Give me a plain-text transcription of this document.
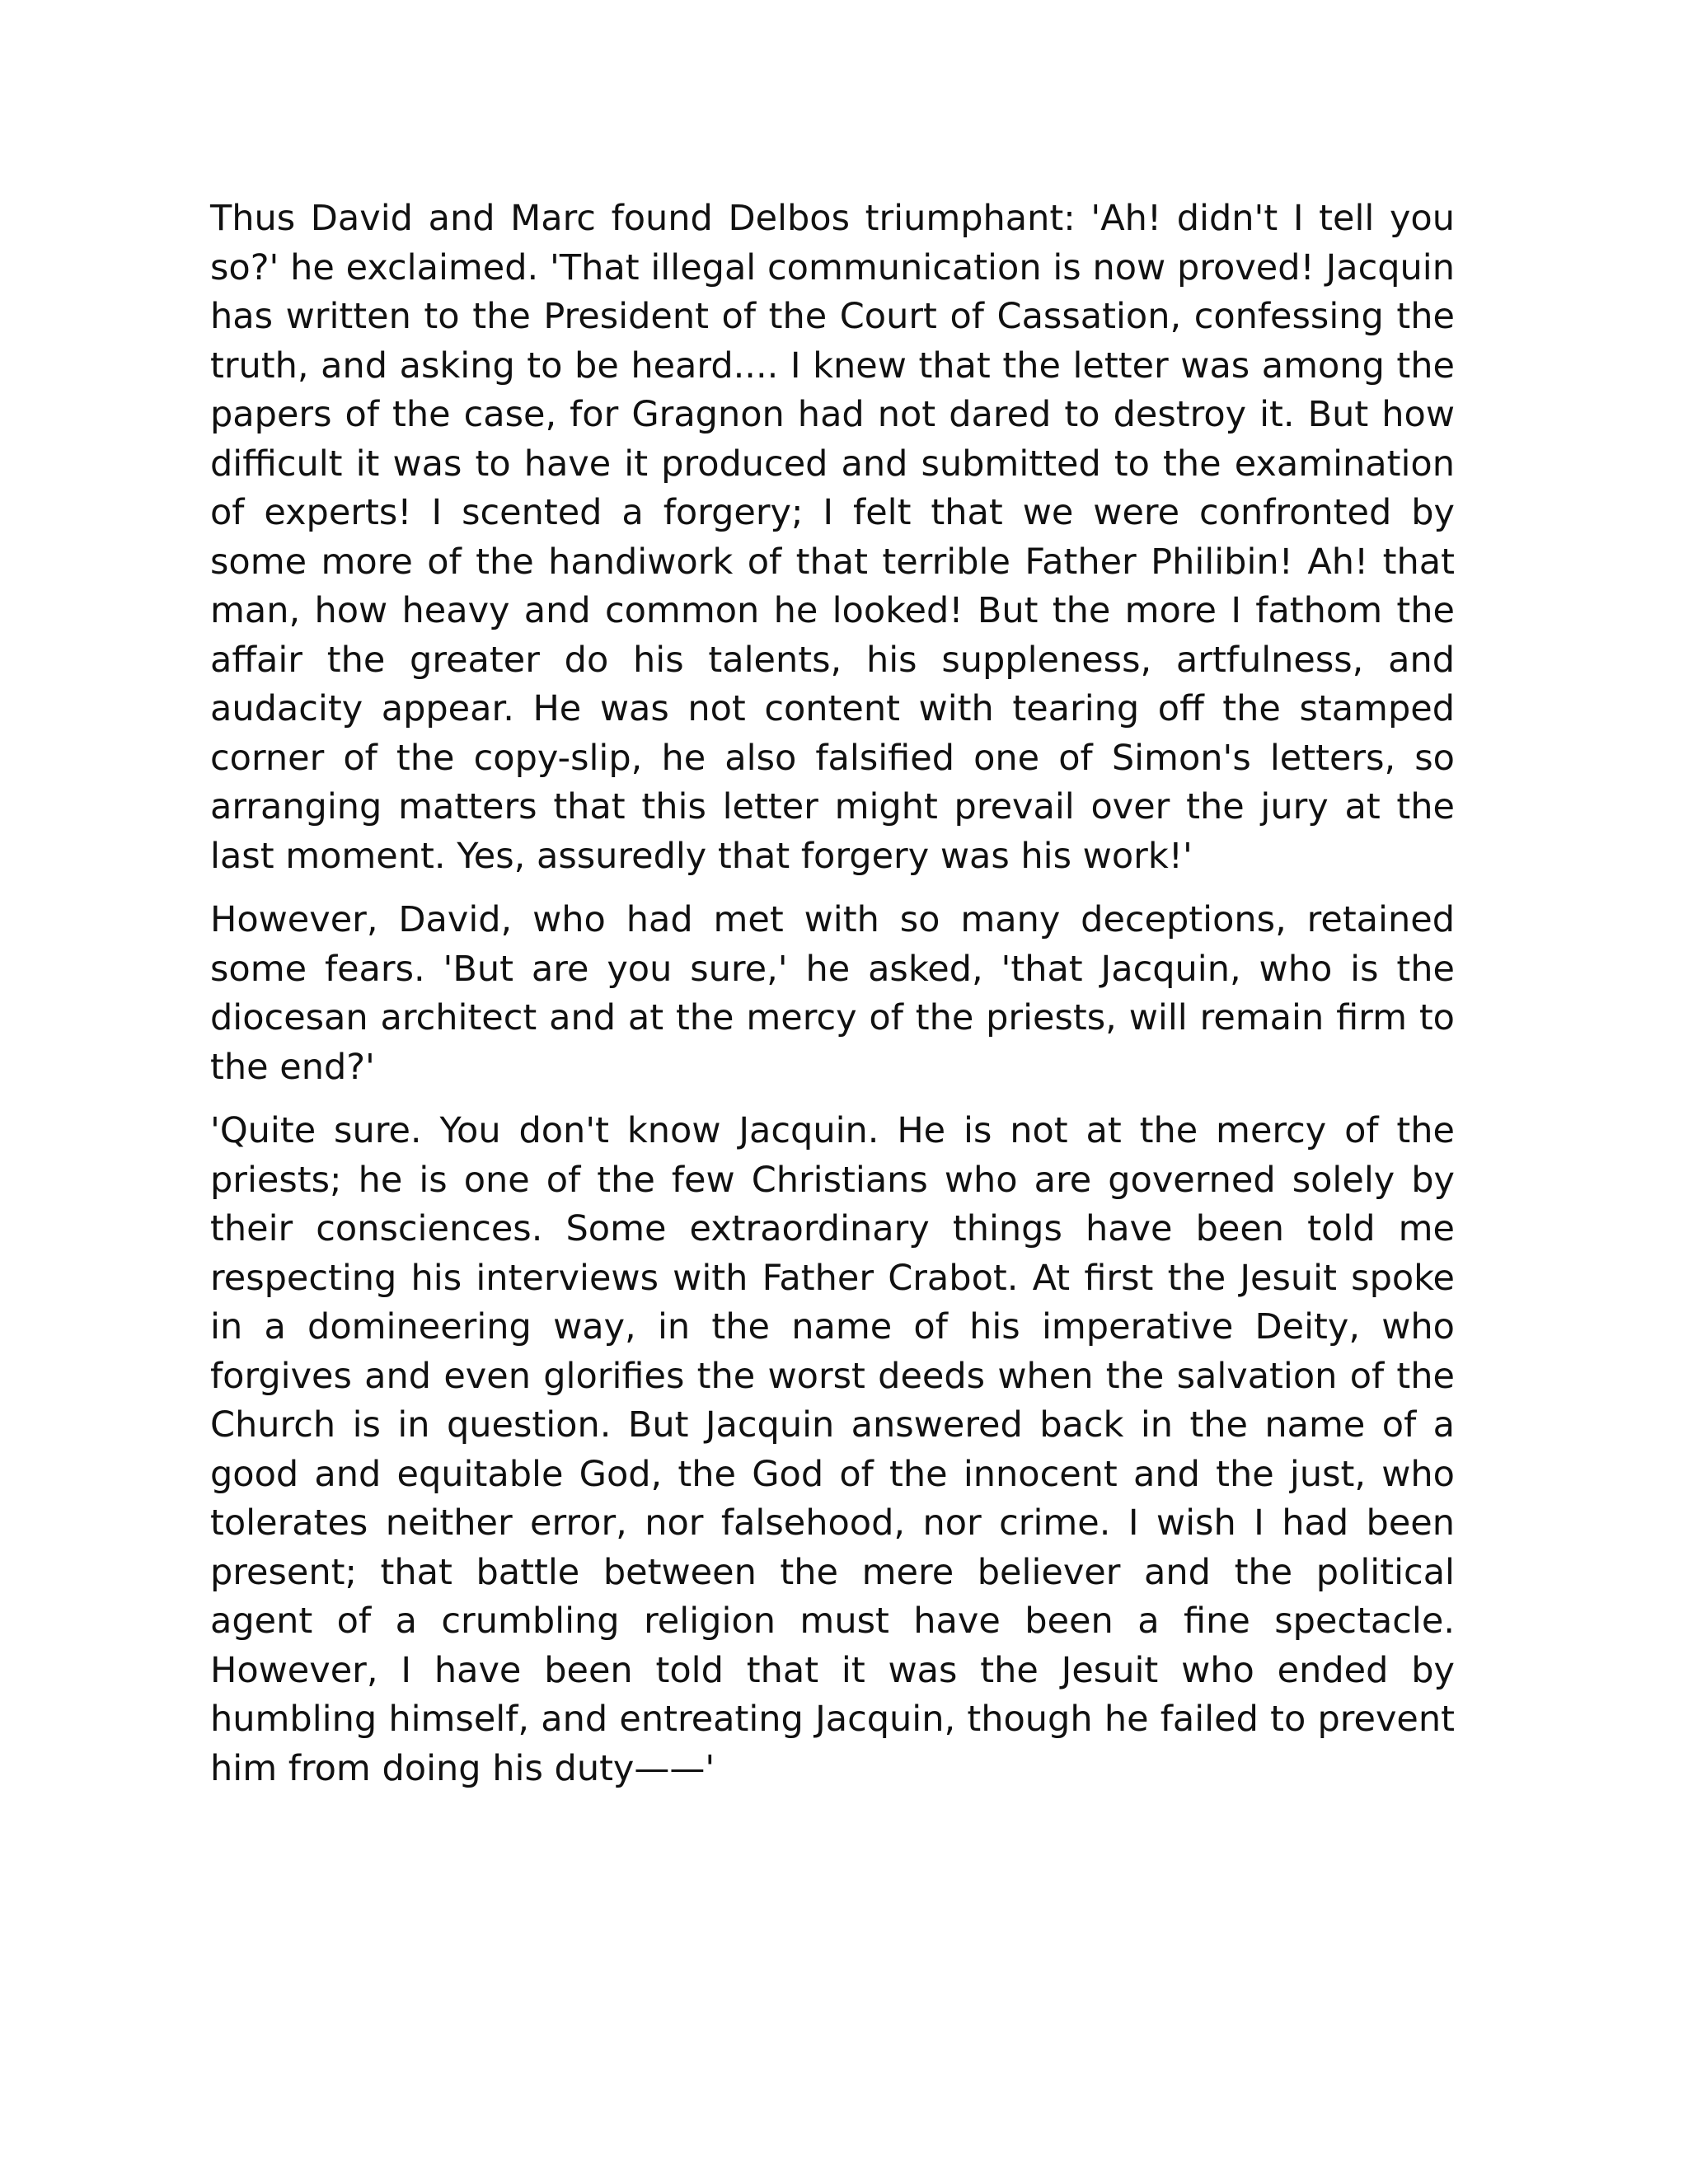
Thus David and Marc found Delbos triumphant: 'Ah! didn't I tell you so?' he exclaimed. 'That illegal communication is now proved! Jacquin has written to the President of the Court of Cassation, confessing the truth, and asking to be heard.... I knew that the letter was among the papers of the case, for Gragnon had not dared to destroy it. But how difficult it was to have it produced and submitted to the examination of experts! I scented a forgery; I felt that we were confronted by some more of the handiwork of that terrible Father Philibin! Ah! that man, how heavy and common he looked! But the more I fathom the affair the greater do his talents, his suppleness, artfulness, and audacity appear. He was not content with tearing off the stamped corner of the copy-slip, he also falsified one of Simon's letters, so arranging matters that this letter might prevail over the jury at the last moment. Yes, assuredly that forgery was his work!'

However, David, who had met with so many deceptions, retained some fears. 'But are you sure,' he asked, 'that Jacquin, who is the diocesan architect and at the mercy of the priests, will remain firm to the end?'

'Quite sure. You don't know Jacquin. He is not at the mercy of the priests; he is one of the few Christians who are governed solely by their consciences. Some extraordinary things have been told me respecting his interviews with Father Crabot. At first the Jesuit spoke in a domineering way, in the name of his imperative Deity, who forgives and even glorifies the worst deeds when the salvation of the Church is in question. But Jacquin answered back in the name of a good and equitable God, the God of the innocent and the just, who tolerates neither error, nor falsehood, nor crime. I wish I had been present; that battle between the mere believer and the political agent of a crumbling religion must have been a fine spectacle. However, I have been told that it was the Jesuit who ended by humbling himself, and entreating Jacquin, though he failed to prevent him from doing his duty——'
